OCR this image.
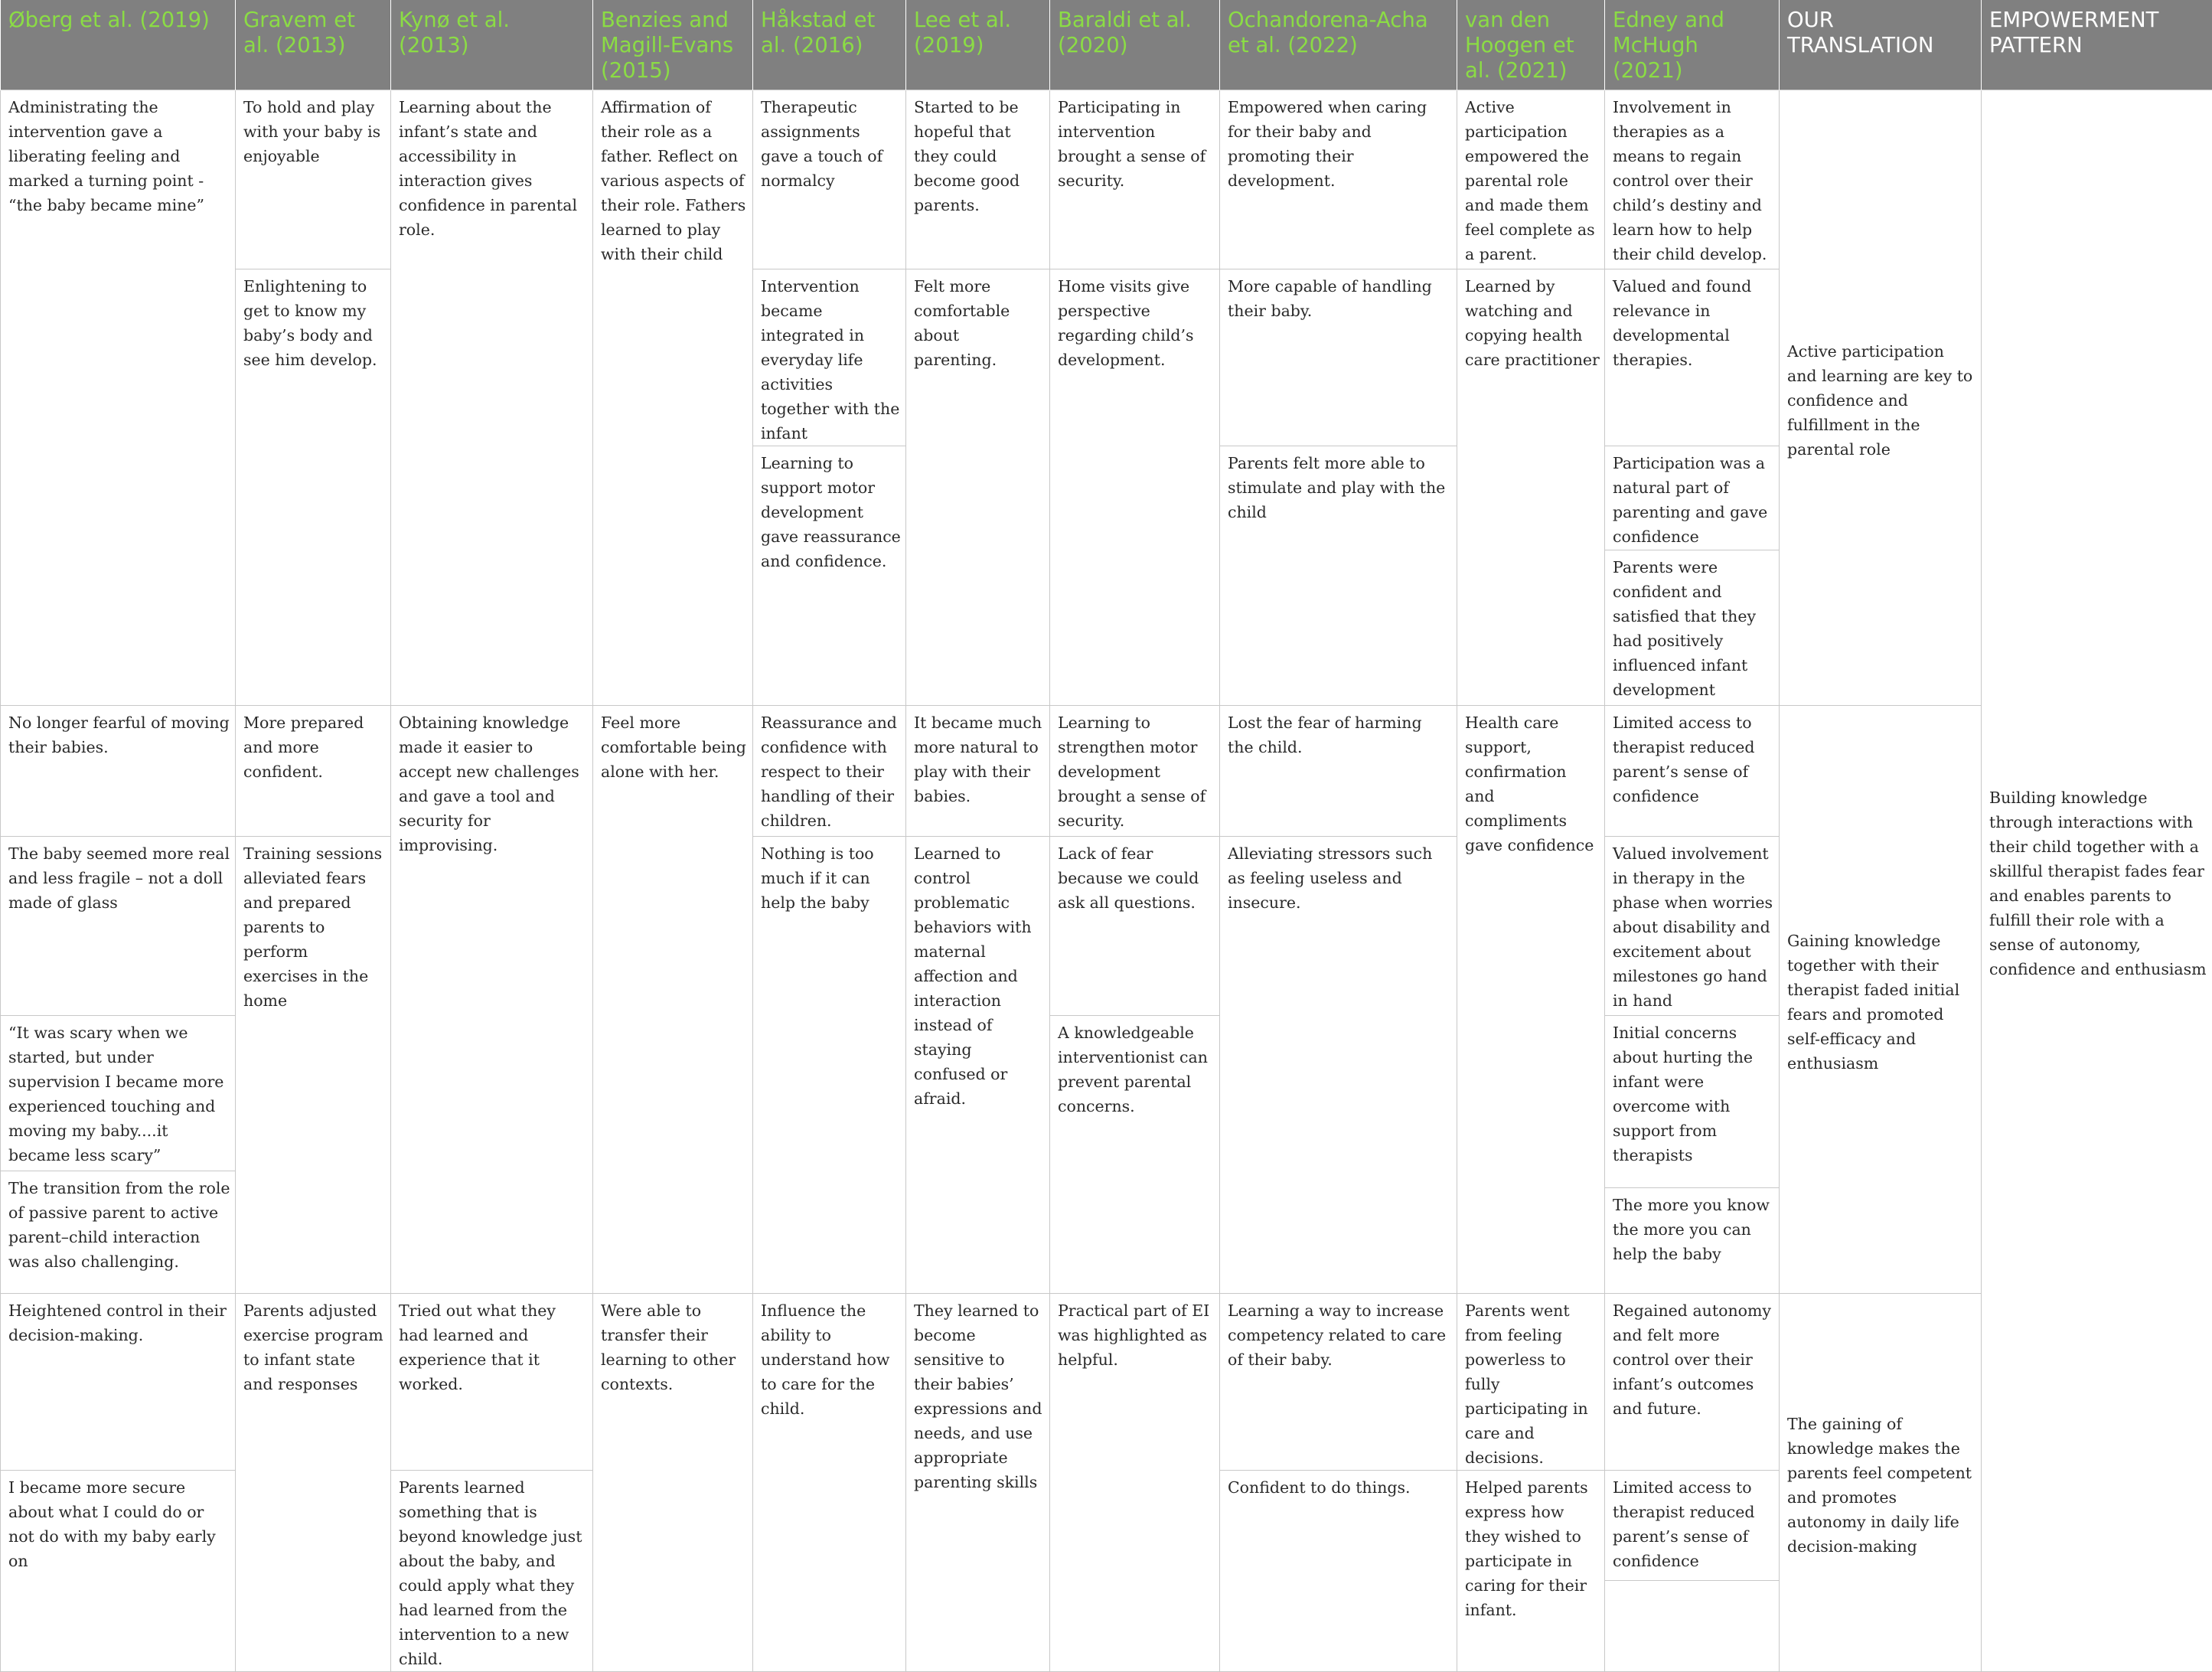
Øberg et al. (2019)	Gravem et al. (2013)	Kynø et al. (2013)	Benzies and Magill-Evans (2015)	Håkstad et al. (2016)	Lee et al. (2019)	Baraldi et al. (2020)	Ochandorena-Acha et al. (2022)	van den Hoogen et al. (2021)	Edney and McHugh (2021)	OUR TRANSLATION	EMPOWERMENT PATTERN
Administrating the intervention gave a liberating feeling and marked a turning point - “the baby became mine”	To hold and play with your baby is enjoyable	Learning about the infant’s state and accessibility in interaction gives confidence in parental role.	Affirmation of their role as a father. Reflect on various aspects of their role. Fathers learned to play with their child	Therapeutic assignments gave a touch of normalcy	Started to be hopeful that they could become good parents.	Participating in intervention brought a sense of security.	Empowered when caring for their baby and promoting their development.	Active participation empowered the parental role and made them feel complete as a parent.	Involvement in therapies as a means to regain control over their child’s destiny and learn how to help their child develop.	Active participation and learning are key to confidence and fulfillment in the parental role	Building knowledge through interactions with their child together with a skillful therapist fades fear and enables parents to fulfill their role with a sense of autonomy, confidence and enthusiasm
	Enlightening to get to know my baby’s body and see him develop.			Intervention became integrated in everyday life activities together with the infant	Felt more comfortable about parenting.	Home visits give perspective regarding child’s development.	More capable of handling their baby.	Learned by watching and copying health care practitioner	Valued and found relevance in developmental therapies.		
				Learning to support motor development gave reassurance and confidence.			Parents felt more able to stimulate and play with the child		Participation was a natural part of parenting and gave confidence		
									Parents were confident and satisfied that they had positively influenced infant development		
No longer fearful of moving their babies.	More prepared and more confident.	Obtaining knowledge made it easier to accept new challenges and gave a tool and security for improvising.	Feel more comfortable being alone with her.	Reassurance and confidence with respect to their handling of their children.	It became much more natural to play with their babies.	Learning to strengthen motor development brought a sense of security.	Lost the fear of harming the child.	Health care support, confirmation and compliments gave confidence	Limited access to therapist reduced parent’s sense of confidence	Gaining knowledge together with their therapist faded initial fears and promoted self-efficacy and enthusiasm	
The baby seemed more real and less fragile – not a doll made of glass	Training sessions alleviated fears and prepared parents to perform exercises in the home			Nothing is too much if it can help the baby	Learned to control problematic behaviors with maternal affection and interaction instead of staying confused or afraid.	Lack of fear because we could ask all questions.	Alleviating stressors such as feeling useless and insecure.		Valued involvement in therapy in the phase when worries about disability and excitement about milestones go hand in hand		
“It was scary when we started, but under supervision I became more experienced touching and moving my baby....it became less scary”						A knowledgeable interventionist can prevent parental concerns.			Initial concerns about hurting the infant were overcome with support from therapists		
The transition from the role of passive parent to active parent–child interaction was also challenging.											
									The more you know the more you can help the baby		
Heightened control in their decision-making.	Parents adjusted exercise program to infant state and responses	Tried out what they had learned and experience that it worked.	Were able to transfer their learning to other contexts.	Influence the ability to understand how to care for the child.	They learned to become sensitive to their babies’ expressions and needs, and use appropriate parenting skills	Practical part of EI was highlighted as helpful.	Learning a way to increase competency related to care of their baby.	Parents went from feeling powerless to fully participating in care and decisions.	Regained autonomy and felt more control over their infant’s outcomes and future.	The gaining of knowledge makes the parents feel competent and promotes autonomy in daily life decision-making	
I became more secure about what I could do or not do with my baby early on		Parents learned something that is beyond knowledge just about the baby, and could apply what they had learned from the intervention to a new child.					Confident to do things.	Helped parents express how they wished to participate in caring for their infant.	Limited access to therapist reduced parent’s sense of confidence		
